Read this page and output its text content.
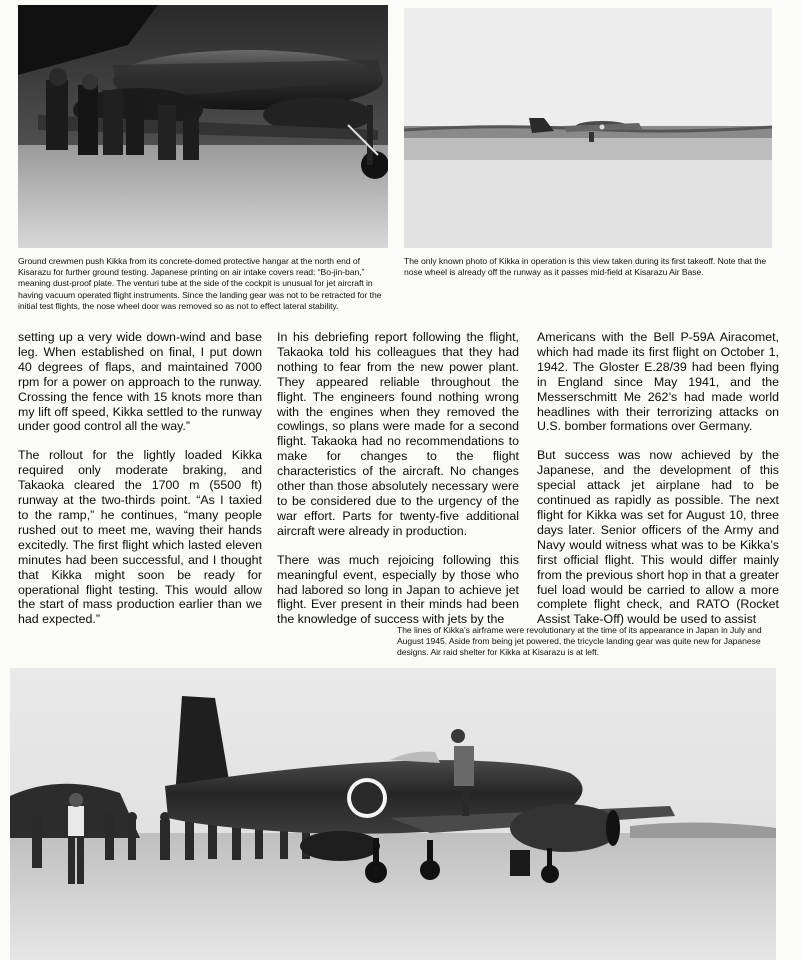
Ground crewmen push Kikka from its concrete-domed protective hangar at the north end of Kisarazu for further ground testing. Japanese printing on air intake covers read: “Bo-jin-ban,” meaning dust-proof plate. The venturi tube at the side of the cockpit is unusual for jet aircraft in having vacuum operated flight instruments. Since the landing gear was not to be retracted for the initial test flights, the nose wheel door was removed so as not to effect lateral stability.

The only known photo of Kikka in operation is this view taken during its first takeoff. Note that the nose wheel is already off the runway as it passes mid-field at Kisarazu Air Base.

setting up a very wide down-wind and base leg. When established on final, I put down 40 degrees of flaps, and maintained 7000 rpm for a power on approach to the runway. Crossing the fence with 15 knots more than my lift off speed, Kikka settled to the runway under good control all the way.”

The rollout for the lightly loaded Kikka required only moderate braking, and Takaoka cleared the 1700 m (5500 ft) runway at the two-thirds point. “As I taxied to the ramp,” he continues, “many people rushed out to meet me, waving their hands excitedly. The first flight which lasted eleven minutes had been successful, and I thought that Kikka might soon be ready for operational flight testing. This would allow the start of mass production earlier than we had expected.”

In his debriefing report following the flight, Takaoka told his colleagues that they had nothing to fear from the new power plant. They appeared reliable throughout the flight. The engineers found nothing wrong with the engines when they removed the cowlings, so plans were made for a second flight. Takaoka had no recommendations to make for changes to the flight characteristics of the aircraft. No changes other than those absolutely necessary were to be considered due to the urgency of the war effort. Parts for twenty-five additional aircraft were already in production.

There was much rejoicing following this meaningful event, especially by those who had labored so long in Japan to achieve jet flight. Ever present in their minds had been the knowledge of success with jets by the

Americans with the Bell P-59A Airacomet, which had made its first flight on October 1, 1942. The Gloster E.28/39 had been flying in England since May 1941, and the Messerschmitt Me 262’s had made world headlines with their terrorizing attacks on U.S. bomber formations over Germany.

But success was now achieved by the Japanese, and the development of this special attack jet airplane had to be continued as rapidly as possible. The next flight for Kikka was set for August 10, three days later. Senior officers of the Army and Navy would witness what was to be Kikka’s first official flight. This would differ mainly from the previous short hop in that a greater fuel load would be carried to allow a more complete flight check, and RATO (Rocket Assist Take-Off) would be used to assist

The lines of Kikka’s airframe were revolutionary at the time of its appearance in Japan in July and August 1945. Aside from being jet powered, the tricycle landing gear was quite new for Japanese designs. Air raid shelter for Kikka at Kisarazu is at left.
